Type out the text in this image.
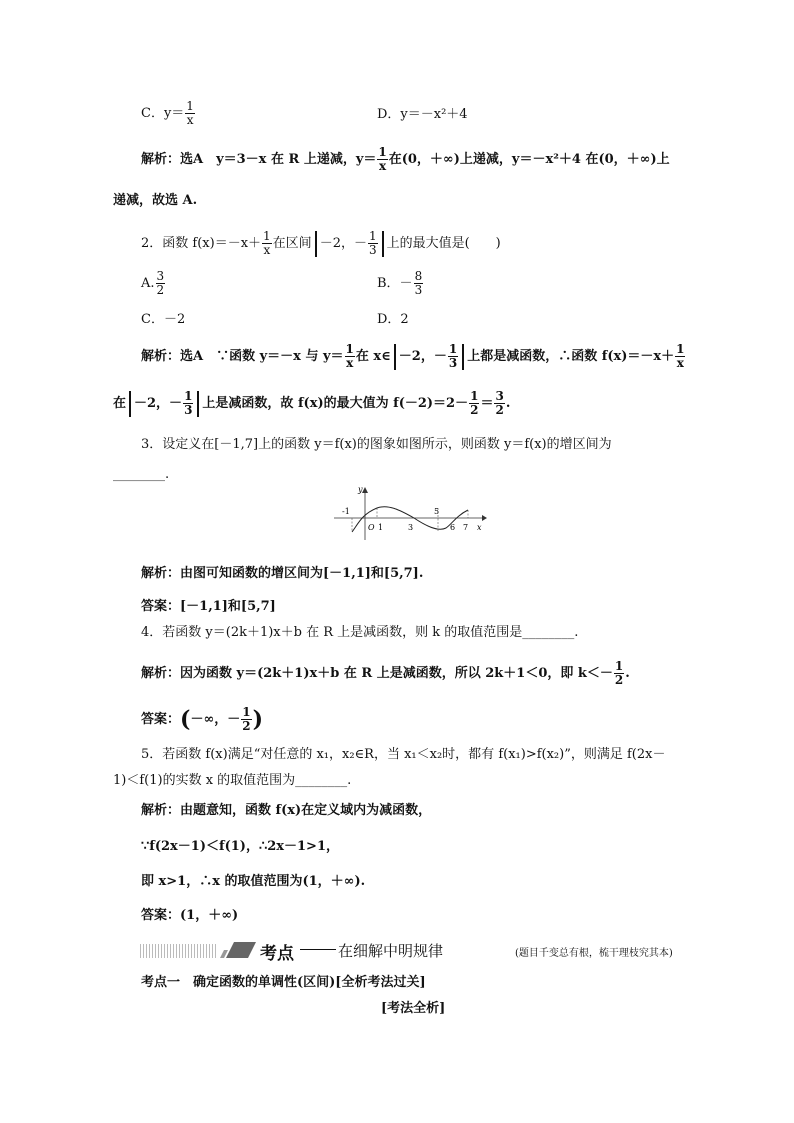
C．$y= \frac{1}{x}$	D．y＝－x²＋4
解析：选A　y＝3－x 在 R 上递减，$y= \frac{1}{x}$ 在(0，＋∞)上递减，y＝－x²＋4 在(0，＋∞)上
递减，故选 A.
2．函数 $f(x)=-x+ \frac{1}{x}$ 在区间 －2，－ $\frac{1}{3}$ 上的最大值是(　　)
A. $\frac{3}{2}$	B．－ $\frac{8}{3}$
C．－2	D．2
解析：选A　∵函数 y＝－x 与 $y= \frac{1}{x}$ 在 x∈ －2，－ $\frac{1}{3}$ 上都是减函数，∴函数 $f(x)=-x+ \frac{1}{x}$
在 －2，－ $\frac{1}{3}$ 上是减函数，故 f(x)的最大值为 $f(-2)=2- \frac{1}{2} = \frac{3}{2}$ .
3．设定义在[－1,7]上的函数 y＝f(x)的图象如图所示，则函数 y＝f(x)的增区间为
________.
y
x
O
-1
1	3
5
6 7
解析：由图可知函数的增区间为[－1,1]和[5,7].
答案：[－1,1]和[5,7]
4．若函数 y＝(2k＋1)x＋b 在 R 上是减函数，则 k 的取值范围是________.
解析：因为函数 y＝(2k＋1)x＋b 在 R 上是减函数，所以 2k＋1＜0，即 $k<- \frac{1}{2}$ .
答案：(－∞，－ $\frac{1}{2}$ )
5．若函数 f(x)满足“对任意的 x₁，x₂∈R，当 x₁＜x₂时，都有 f(x₁)>f(x₂)”，则满足 f(2x－
1)＜f(1)的实数 x 的取值范围为________.
解析：由题意知，函数 f(x)在定义域内为减函数，
∵f(2x－1)＜f(1)，∴2x－1>1，
即 x>1，∴x 的取值范围为(1，＋∞).
答案：(1，＋∞)
考点	在细解中明规律	(题目千变总有根，梳干理枝究其本)
考点一　确定函数的单调性(区间)[全析考法过关]
[考法全析]
